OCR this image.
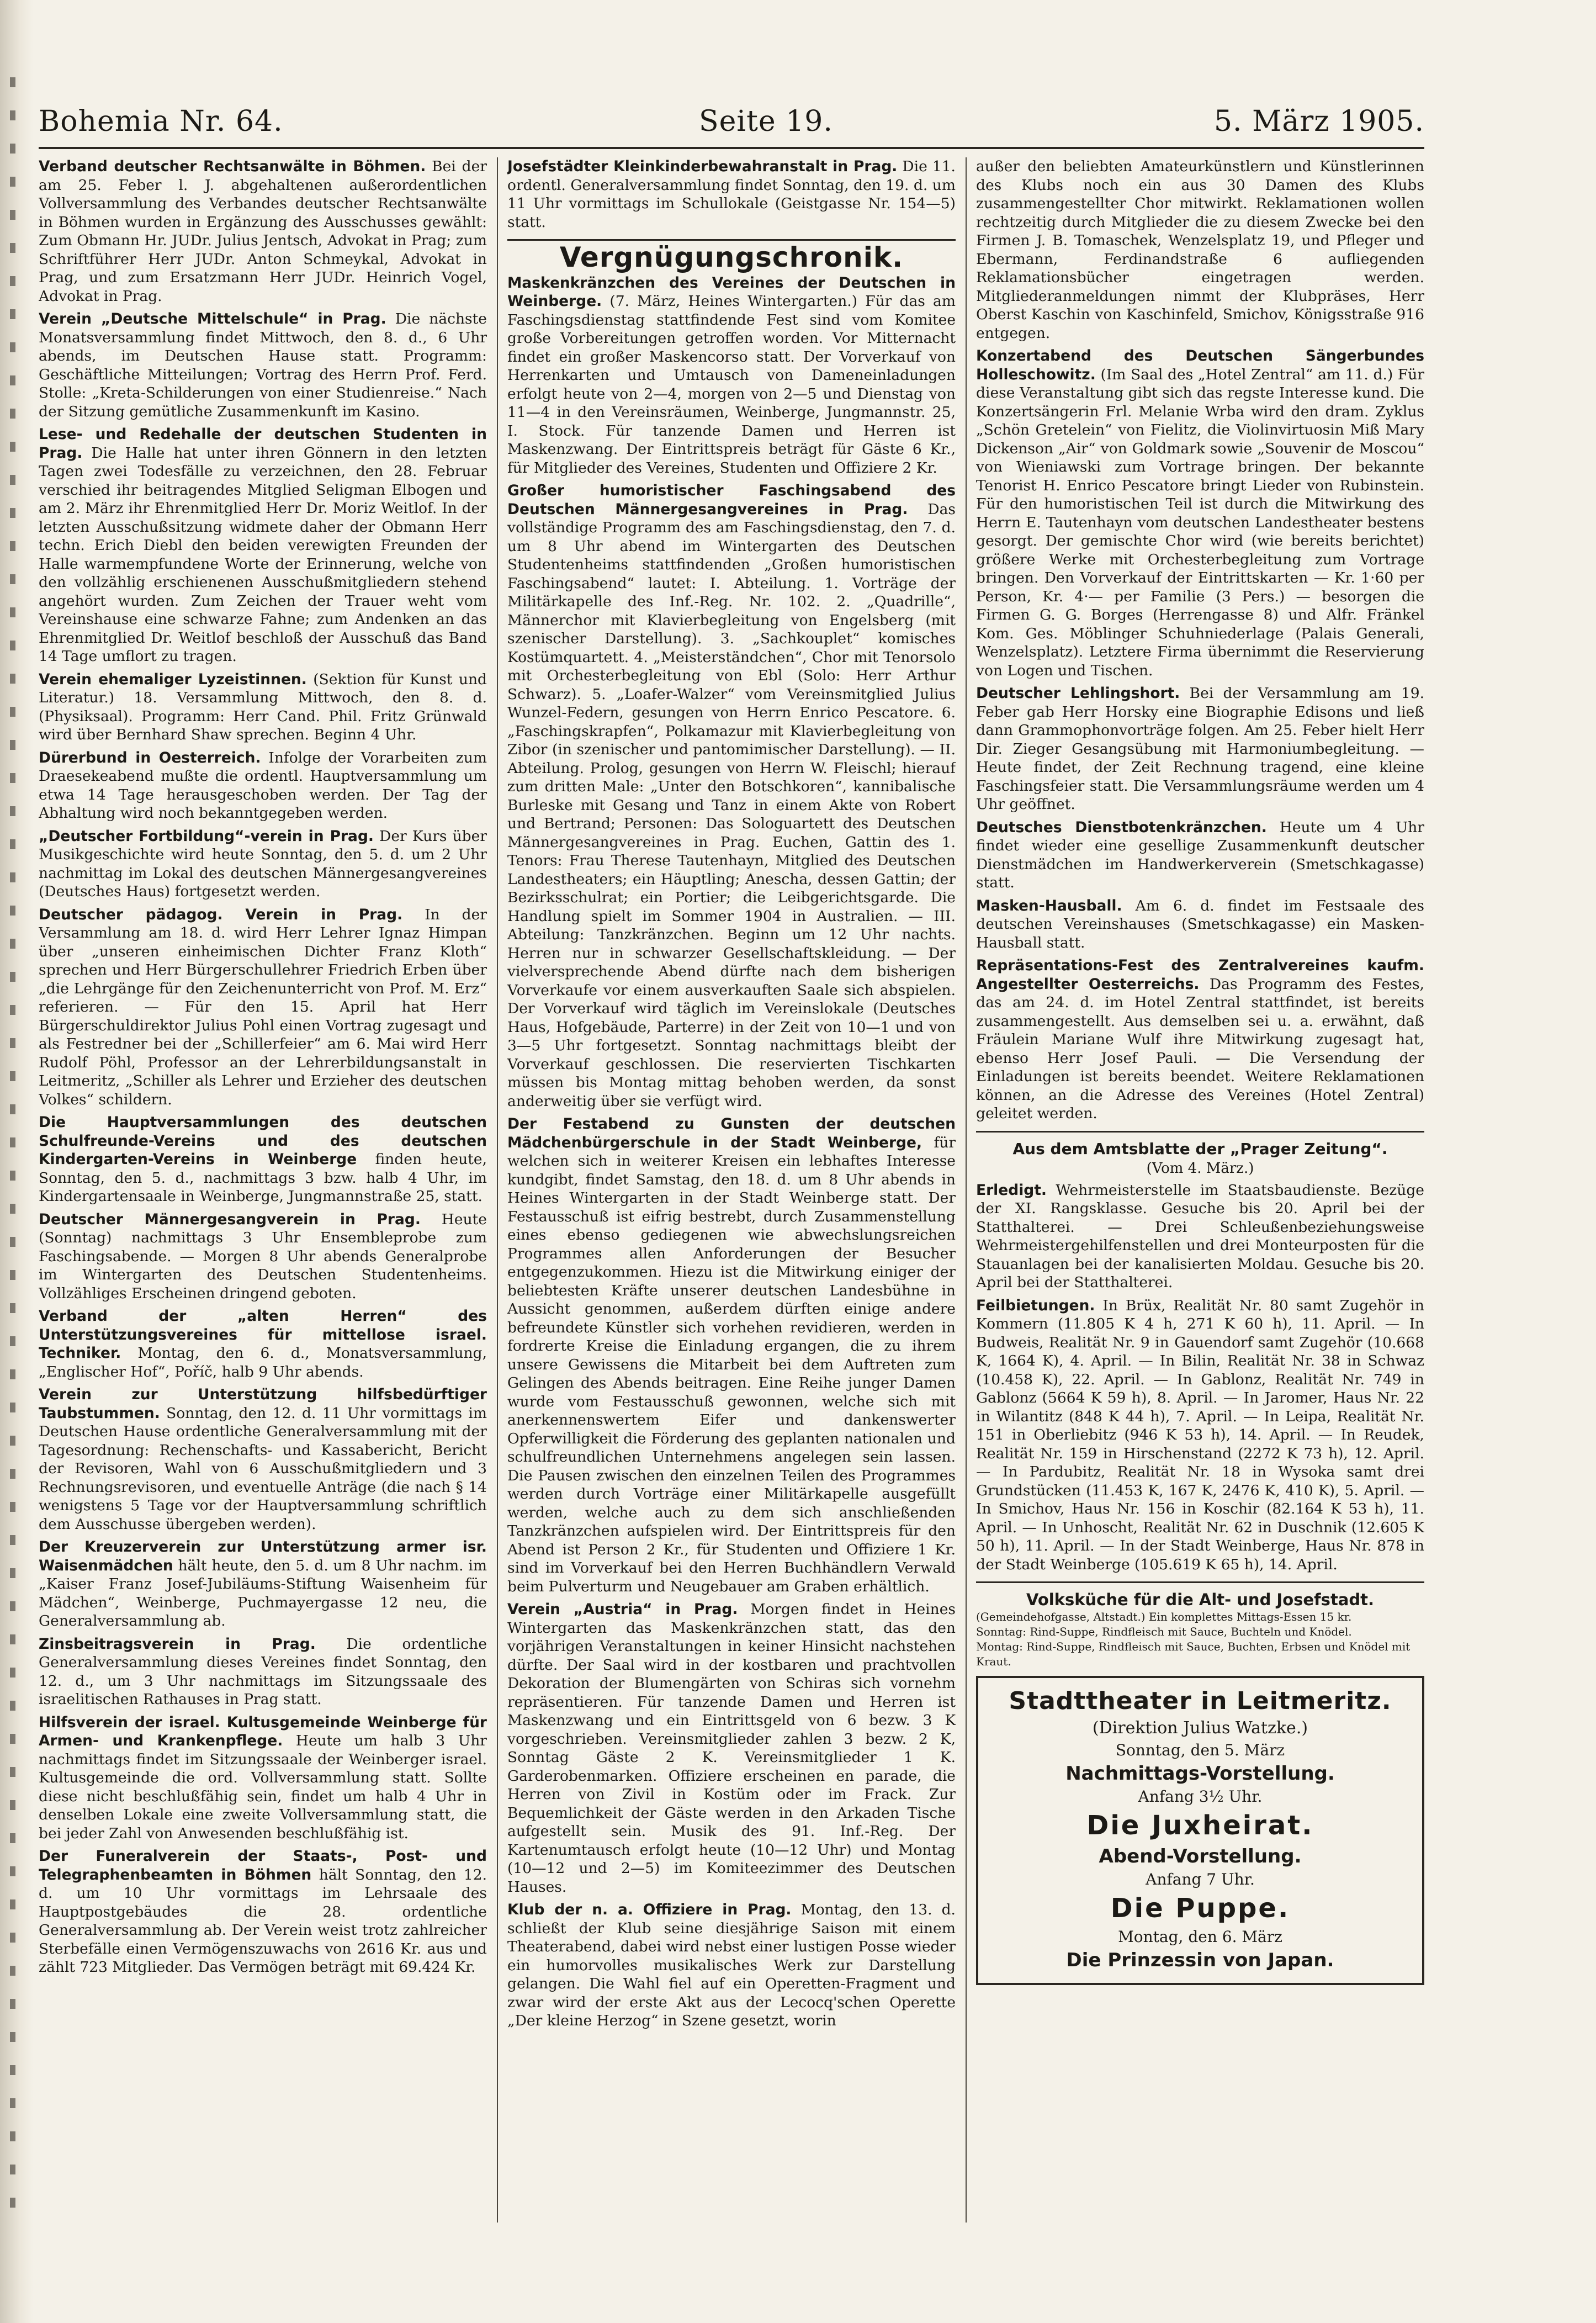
Bohemia Nr. 64.	Seite 19.	5. März 1905.

Verband deutscher Rechtsanwälte in Böhmen. Bei der am 25. Feber l. J. abgehaltenen außerordentlichen Vollversammlung des Verbandes deutscher Rechtsanwälte in Böhmen wurden in Ergänzung des Ausschusses gewählt: Zum Obmann Hr. JUDr. Julius Jentsch, Advokat in Prag; zum Schriftführer Herr JUDr. Anton Schmeykal, Advokat in Prag, und zum Ersatzmann Herr JUDr. Heinrich Vogel, Advokat in Prag.

Verein „Deutsche Mittelschule“ in Prag. Die nächste Monatsversammlung findet Mittwoch, den 8. d., 6 Uhr abends, im Deutschen Hause statt. Programm: Geschäftliche Mitteilungen; Vortrag des Herrn Prof. Ferd. Stolle: „Kreta-Schilderungen von einer Studienreise.“ Nach der Sitzung gemütliche Zusammenkunft im Kasino.

Lese- und Redehalle der deutschen Studenten in Prag. Die Halle hat unter ihren Gönnern in den letzten Tagen zwei Todesfälle zu verzeichnen, den 28. Februar verschied ihr beitragendes Mitglied Seligman Elbogen und am 2. März ihr Ehrenmitglied Herr Dr. Moriz Weitlof. In der letzten Ausschußsitzung widmete daher der Obmann Herr techn. Erich Diebl den beiden verewigten Freunden der Halle warmempfundene Worte der Erinnerung, welche von den vollzählig erschienenen Ausschußmitgliedern stehend angehört wurden. Zum Zeichen der Trauer weht vom Vereinshause eine schwarze Fahne; zum Andenken an das Ehrenmitglied Dr. Weitlof beschloß der Ausschuß das Band 14 Tage umflort zu tragen.

Verein ehemaliger Lyzeistinnen. (Sektion für Kunst und Literatur.) 18. Versammlung Mittwoch, den 8. d. (Physiksaal). Programm: Herr Cand. Phil. Fritz Grünwald wird über Bernhard Shaw sprechen. Beginn 4 Uhr.

Dürerbund in Oesterreich. Infolge der Vorarbeiten zum Draesekeabend mußte die ordentl. Hauptversammlung um etwa 14 Tage herausgeschoben werden. Der Tag der Abhaltung wird noch bekanntgegeben werden.

„Deutscher Fortbildung“-verein in Prag. Der Kurs über Musikgeschichte wird heute Sonntag, den 5. d. um 2 Uhr nachmittag im Lokal des deutschen Männergesangvereines (Deutsches Haus) fortgesetzt werden.

Deutscher pädagog. Verein in Prag. In der Versammlung am 18. d. wird Herr Lehrer Ignaz Himpan über „unseren einheimischen Dichter Franz Kloth“ sprechen und Herr Bürgerschullehrer Friedrich Erben über „die Lehrgänge für den Zeichenunterricht von Prof. M. Erz“ referieren. — Für den 15. April hat Herr Bürgerschuldirektor Julius Pohl einen Vortrag zugesagt und als Festredner bei der „Schillerfeier“ am 6. Mai wird Herr Rudolf Pöhl, Professor an der Lehrerbildungsanstalt in Leitmeritz, „Schiller als Lehrer und Erzieher des deutschen Volkes“ schildern.

Die Hauptversammlungen des deutschen Schulfreunde-Vereins und des deutschen Kindergarten-Vereins in Weinberge finden heute, Sonntag, den 5. d., nachmittags 3 bzw. halb 4 Uhr, im Kindergartensaale in Weinberge, Jungmannstraße 25, statt.

Deutscher Männergesangverein in Prag. Heute (Sonntag) nachmittags 3 Uhr Ensembleprobe zum Faschingsabende. — Morgen 8 Uhr abends Generalprobe im Wintergarten des Deutschen Studentenheims. Vollzähliges Erscheinen dringend geboten.

Verband der „alten Herren“ des Unterstützungsvereines für mittellose israel. Techniker. Montag, den 6. d., Monatsversammlung, „Englischer Hof“, Poříč, halb 9 Uhr abends.

Verein zur Unterstützung hilfsbedürftiger Taubstummen. Sonntag, den 12. d. 11 Uhr vormittags im Deutschen Hause ordentliche Generalversammlung mit der Tagesordnung: Rechenschafts- und Kassabericht, Bericht der Revisoren, Wahl von 6 Ausschußmitgliedern und 3 Rechnungsrevisoren, und eventuelle Anträge (die nach § 14 wenigstens 5 Tage vor der Hauptversammlung schriftlich dem Ausschusse übergeben werden).

Der Kreuzerverein zur Unterstützung armer isr. Waisenmädchen hält heute, den 5. d. um 8 Uhr nachm. im „Kaiser Franz Josef-Jubiläums-Stiftung Waisenheim für Mädchen“, Weinberge, Puchmayergasse 12 neu, die Generalversammlung ab.

Zinsbeitragsverein in Prag. Die ordentliche Generalversammlung dieses Vereines findet Sonntag, den 12. d., um 3 Uhr nachmittags im Sitzungssaale des israelitischen Rathauses in Prag statt.

Hilfsverein der israel. Kultusgemeinde Weinberge für Armen- und Krankenpflege. Heute um halb 3 Uhr nachmittags findet im Sitzungssaale der Weinberger israel. Kultusgemeinde die ord. Vollversammlung statt. Sollte diese nicht beschlußfähig sein, findet um halb 4 Uhr in denselben Lokale eine zweite Vollversammlung statt, die bei jeder Zahl von Anwesenden beschlußfähig ist.

Der Funeralverein der Staats-, Post- und Telegraphenbeamten in Böhmen hält Sonntag, den 12. d. um 10 Uhr vormittags im Lehrsaale des Hauptpostgebäudes die 28. ordentliche Generalversammlung ab. Der Verein weist trotz zahlreicher Sterbefälle einen Vermögenszuwachs von 2616 Kr. aus und zählt 723 Mitglieder. Das Vermögen beträgt mit 69.424 Kr.

Josefstädter Kleinkinderbewahranstalt in Prag. Die 11. ordentl. Generalversammlung findet Sonntag, den 19. d. um 11 Uhr vormittags im Schullokale (Geistgasse Nr. 154—5) statt.

Vergnügungschronik.

Maskenkränzchen des Vereines der Deutschen in Weinberge. (7. März, Heines Wintergarten.) Für das am Faschingsdienstag stattfindende Fest sind vom Komitee große Vorbereitungen getroffen worden. Vor Mitternacht findet ein großer Maskencorso statt. Der Vorverkauf von Herrenkarten und Umtausch von Dameneinladungen erfolgt heute von 2—4, morgen von 2—5 und Dienstag von 11—4 in den Vereinsräumen, Weinberge, Jungmannstr. 25, I. Stock. Für tanzende Damen und Herren ist Maskenzwang. Der Eintrittspreis beträgt für Gäste 6 Kr., für Mitglieder des Vereines, Studenten und Offiziere 2 Kr.

Großer humoristischer Faschingsabend des Deutschen Männergesangvereines in Prag. Das vollständige Programm des am Faschingsdienstag, den 7. d. um 8 Uhr abend im Wintergarten des Deutschen Studentenheims stattfindenden „Großen humoristischen Faschingsabend“ lautet: I. Abteilung. 1. Vorträge der Militärkapelle des Inf.-Reg. Nr. 102. 2. „Quadrille“, Männerchor mit Klavierbegleitung von Engelsberg (mit szenischer Darstellung). 3. „Sachkouplet“ komisches Kostümquartett. 4. „Meisterständchen“, Chor mit Tenorsolo mit Orchesterbegleitung von Ebl (Solo: Herr Arthur Schwarz). 5. „Loafer-Walzer“ vom Vereinsmitglied Julius Wunzel-Federn, gesungen von Herrn Enrico Pescatore. 6. „Faschingskrapfen“, Polkamazur mit Klavierbegleitung von Zibor (in szenischer und pantomimischer Darstellung). — II. Abteilung. Prolog, gesungen von Herrn W. Fleischl; hierauf zum dritten Male: „Unter den Botschkoren“, kannibalische Burleske mit Gesang und Tanz in einem Akte von Robert und Bertrand; Personen: Das Sologuartett des Deutschen Männergesangvereines in Prag. Euchen, Gattin des 1. Tenors: Frau Therese Tautenhayn, Mitglied des Deutschen Landestheaters; ein Häuptling; Anescha, dessen Gattin; der Bezirksschulrat; ein Portier; die Leibgerichtsgarde. Die Handlung spielt im Sommer 1904 in Australien. — III. Abteilung: Tanzkränzchen. Beginn um 12 Uhr nachts. Herren nur in schwarzer Gesellschaftskleidung. — Der vielversprechende Abend dürfte nach dem bisherigen Vorverkaufe vor einem ausverkauften Saale sich abspielen. Der Vorverkauf wird täglich im Vereinslokale (Deutsches Haus, Hofgebäude, Parterre) in der Zeit von 10—1 und von 3—5 Uhr fortgesetzt. Sonntag nachmittags bleibt der Vorverkauf geschlossen. Die reservierten Tischkarten müssen bis Montag mittag behoben werden, da sonst anderweitig über sie verfügt wird.

Der Festabend zu Gunsten der deutschen Mädchenbürgerschule in der Stadt Weinberge, für welchen sich in weiterer Kreisen ein lebhaftes Interesse kundgibt, findet Samstag, den 18. d. um 8 Uhr abends in Heines Wintergarten in der Stadt Weinberge statt. Der Festausschuß ist eifrig bestrebt, durch Zusammenstellung eines ebenso gediegenen wie abwechslungsreichen Programmes allen Anforderungen der Besucher entgegenzukommen. Hiezu ist die Mitwirkung einiger der beliebtesten Kräfte unserer deutschen Landesbühne in Aussicht genommen, außerdem dürften einige andere befreundete Künstler sich vorhehen revidieren, werden in fordrerte Kreise die Einladung ergangen, die zu ihrem unsere Gewissens die Mitarbeit bei dem Auftreten zum Gelingen des Abends beitragen. Eine Reihe junger Damen wurde vom Festausschuß gewonnen, welche sich mit anerkennenswertem Eifer und dankenswerter Opferwilligkeit die Förderung des geplanten nationalen und schulfreundlichen Unternehmens angelegen sein lassen. Die Pausen zwischen den einzelnen Teilen des Programmes werden durch Vorträge einer Militärkapelle ausgefüllt werden, welche auch zu dem sich anschließenden Tanzkränzchen aufspielen wird. Der Eintrittspreis für den Abend ist Person 2 Kr., für Studenten und Offiziere 1 Kr. sind im Vorverkauf bei den Herren Buchhändlern Verwald beim Pulverturm und Neugebauer am Graben erhältlich.

Verein „Austria“ in Prag. Morgen findet in Heines Wintergarten das Maskenkränzchen statt, das den vorjährigen Veranstaltungen in keiner Hinsicht nachstehen dürfte. Der Saal wird in der kostbaren und prachtvollen Dekoration der Blumengärten von Schiras sich vornehm repräsentieren. Für tanzende Damen und Herren ist Maskenzwang und ein Eintrittsgeld von 6 bezw. 3 K vorgeschrieben. Vereinsmitglieder zahlen 3 bezw. 2 K, Sonntag Gäste 2 K. Vereinsmitglieder 1 K. Garderobenmarken. Offiziere erscheinen en parade, die Herren von Zivil in Kostüm oder im Frack. Zur Bequemlichkeit der Gäste werden in den Arkaden Tische aufgestellt sein. Musik des 91. Inf.-Reg. Der Kartenumtausch erfolgt heute (10—12 Uhr) und Montag (10—12 und 2—5) im Komiteezimmer des Deutschen Hauses.

Klub der n. a. Offiziere in Prag. Montag, den 13. d. schließt der Klub seine diesjährige Saison mit einem Theaterabend, dabei wird nebst einer lustigen Posse wieder ein humorvolles musikalisches Werk zur Darstellung gelangen. Die Wahl fiel auf ein Operetten-Fragment und zwar wird der erste Akt aus der Lecocq'schen Operette „Der kleine Herzog“ in Szene gesetzt, worin

außer den beliebten Amateurkünstlern und Künstlerinnen des Klubs noch ein aus 30 Damen des Klubs zusammengestellter Chor mitwirkt. Reklamationen wollen rechtzeitig durch Mitglieder die zu diesem Zwecke bei den Firmen J. B. Tomaschek, Wenzelsplatz 19, und Pfleger und Ebermann, Ferdinandstraße 6 aufliegenden Reklamationsbücher eingetragen werden. Mitgliederanmeldungen nimmt der Klubpräses, Herr Oberst Kaschin von Kaschinfeld, Smichov, Königsstraße 916 entgegen.

Konzertabend des Deutschen Sängerbundes Holleschowitz. (Im Saal des „Hotel Zentral“ am 11. d.) Für diese Veranstaltung gibt sich das regste Interesse kund. Die Konzertsängerin Frl. Melanie Wrba wird den dram. Zyklus „Schön Gretelein“ von Fielitz, die Violinvirtuosin Miß Mary Dickenson „Air“ von Goldmark sowie „Souvenir de Moscou“ von Wieniawski zum Vortrage bringen. Der bekannte Tenorist H. Enrico Pescatore bringt Lieder von Rubinstein. Für den humoristischen Teil ist durch die Mitwirkung des Herrn E. Tautenhayn vom deutschen Landestheater bestens gesorgt. Der gemischte Chor wird (wie bereits berichtet) größere Werke mit Orchesterbegleitung zum Vortrage bringen. Den Vorverkauf der Eintrittskarten — Kr. 1·60 per Person, Kr. 4·— per Familie (3 Pers.) — besorgen die Firmen G. G. Borges (Herrengasse 8) und Alfr. Fränkel Kom. Ges. Möblinger Schuhniederlage (Palais Generali, Wenzelsplatz). Letztere Firma übernimmt die Reservierung von Logen und Tischen.

Deutscher Lehlingshort. Bei der Versammlung am 19. Feber gab Herr Horsky eine Biographie Edisons und ließ dann Grammophonvorträge folgen. Am 25. Feber hielt Herr Dir. Zieger Gesangsübung mit Harmoniumbegleitung. — Heute findet, der Zeit Rechnung tragend, eine kleine Faschingsfeier statt. Die Versammlungsräume werden um 4 Uhr geöffnet.

Deutsches Dienstbotenkränzchen. Heute um 4 Uhr findet wieder eine gesellige Zusammenkunft deutscher Dienstmädchen im Handwerkerverein (Smetschkagasse) statt.

Masken-Hausball. Am 6. d. findet im Festsaale des deutschen Vereinshauses (Smetschkagasse) ein Masken-Hausball statt.

Repräsentations-Fest des Zentralvereines kaufm. Angestellter Oesterreichs. Das Programm des Festes, das am 24. d. im Hotel Zentral stattfindet, ist bereits zusammengestellt. Aus demselben sei u. a. erwähnt, daß Fräulein Mariane Wulf ihre Mitwirkung zugesagt hat, ebenso Herr Josef Pauli. — Die Versendung der Einladungen ist bereits beendet. Weitere Reklamationen können, an die Adresse des Vereines (Hotel Zentral) geleitet werden.

Aus dem Amtsblatte der „Prager Zeitung“.
(Vom 4. März.)

Erledigt. Wehrmeisterstelle im Staatsbaudienste. Bezüge der XI. Rangsklasse. Gesuche bis 20. April bei der Statthalterei. — Drei Schleußenbeziehungsweise Wehrmeistergehilfenstellen und drei Monteurposten für die Stauanlagen bei der kanalisierten Moldau. Gesuche bis 20. April bei der Statthalterei.

Feilbietungen. In Brüx, Realität Nr. 80 samt Zugehör in Kommern (11.805 K 4 h, 271 K 60 h), 11. April. — In Budweis, Realität Nr. 9 in Gauendorf samt Zugehör (10.668 K, 1664 K), 4. April. — In Bilin, Realität Nr. 38 in Schwaz (10.458 K), 22. April. — In Gablonz, Realität Nr. 749 in Gablonz (5664 K 59 h), 8. April. — In Jaromer, Haus Nr. 22 in Wilantitz (848 K 44 h), 7. April. — In Leipa, Realität Nr. 151 in Oberliebitz (946 K 53 h), 14. April. — In Reudek, Realität Nr. 159 in Hirschenstand (2272 K 73 h), 12. April. — In Pardubitz, Realität Nr. 18 in Wysoka samt drei Grundstücken (11.453 K, 167 K, 2476 K, 410 K), 5. April. — In Smichov, Haus Nr. 156 in Koschir (82.164 K 53 h), 11. April. — In Unhoscht, Realität Nr. 62 in Duschnik (12.605 K 50 h), 11. April. — In der Stadt Weinberge, Haus Nr. 878 in der Stadt Weinberge (105.619 K 65 h), 14. April.

Volksküche für die Alt- und Josefstadt.
(Gemeindehofgasse, Altstadt.) Ein komplettes Mittags-Essen 15 kr.
Sonntag: Rind-Suppe, Rindfleisch mit Sauce, Buchteln und Knödel.
Montag: Rind-Suppe, Rindfleisch mit Sauce, Buchten, Erbsen und Knödel mit Kraut.
Stadttheater in Leitmeritz.
(Direktion Julius Watzke.)
Sonntag, den 5. März
Nachmittags-Vorstellung.
Anfang 3½ Uhr.
Die Juxheirat.
Abend-Vorstellung.
Anfang 7 Uhr.
Die Puppe.
Montag, den 6. März
Die Prinzessin von Japan.
